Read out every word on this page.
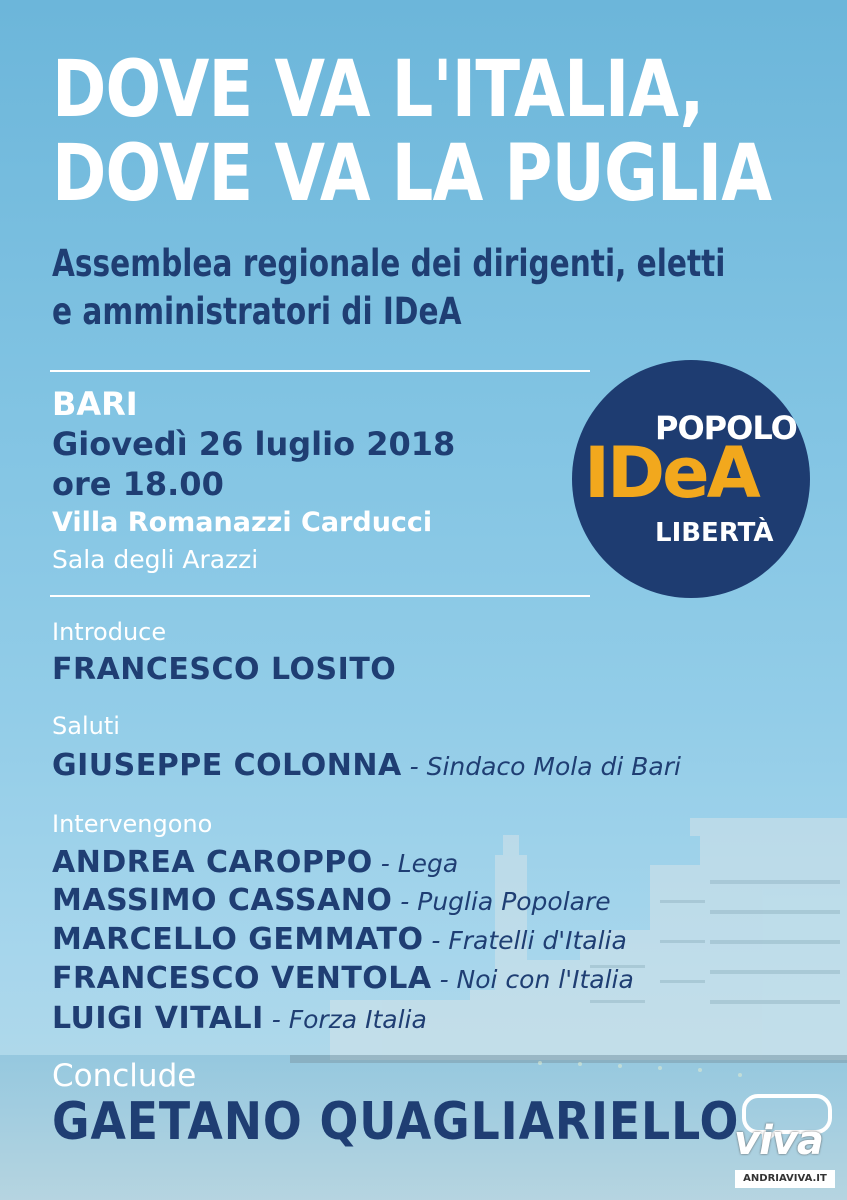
DOVE VA L'ITALIA,
DOVE VA LA PUGLIA
Assemblea regionale dei dirigenti, eletti
e amministratori di IDeA
BARI
Giovedì 26 luglio 2018
ore 18.00
Villa Romanazzi Carducci
Sala degli Arazzi
POPOLO
IDeA
LIBERTÀ
Introduce
FRANCESCO LOSITO
Saluti
GIUSEPPE COLONNA - Sindaco Mola di Bari
Intervengono
ANDREA CAROPPO - Lega
MASSIMO CASSANO - Puglia Popolare
MARCELLO GEMMATO - Fratelli d'Italia
FRANCESCO VENTOLA - Noi con l'Italia
LUIGI VITALI - Forza Italia
Conclude
GAETANO QUAGLIARIELLO
viva
ANDRIAVIVA.IT
